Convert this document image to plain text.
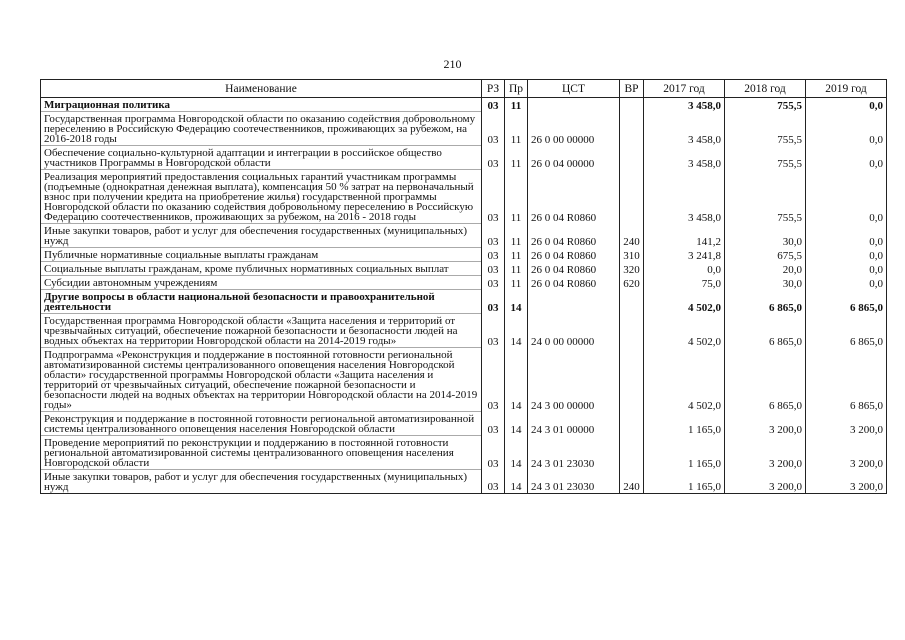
210
Наименование	РЗ	Пр	ЦСТ	ВР	2017 год	2018 год	2019 год
Миграционная политика	03	11			3 458,0	755,5	0,0
Государственная программа Новгородской области по оказанию содействия добровольному переселению в Российскую Федерацию соотечественников, проживающих за рубежом, на 2016-2018 годы	03	11	26 0 00 00000		3 458,0	755,5	0,0
Обеспечение социально-культурной адаптации и интеграции в российское общество участников Программы в Новгородской области	03	11	26 0 04 00000		3 458,0	755,5	0,0
Реализация мероприятий предоставления социальных гарантий участникам программы (подъемные (однократная денежная выплата), компенсация 50 % затрат на первоначальный взнос при получении кредита на приобретение жилья) государственной программы Новгородской области по оказанию содействия добровольному переселению в Российскую Федерацию соотечественников, проживающих за рубежом, на 2016 - 2018 годы	03	11	26 0 04 R0860		3 458,0	755,5	0,0
Иные закупки товаров, работ и услуг для обеспечения государственных (муниципальных) нужд	03	11	26 0 04 R0860	240	141,2	30,0	0,0
Публичные нормативные социальные выплаты гражданам	03	11	26 0 04 R0860	310	3 241,8	675,5	0,0
Социальные выплаты гражданам, кроме публичных нормативных социальных выплат	03	11	26 0 04 R0860	320	0,0	20,0	0,0
Субсидии автономным учреждениям	03	11	26 0 04 R0860	620	75,0	30,0	0,0
Другие вопросы в области национальной безопасности и правоохранительной деятельности	03	14			4 502,0	6 865,0	6 865,0
Государственная программа Новгородской области «Защита населения и территорий от чрезвычайных ситуаций, обеспечение пожарной безопасности и безопасности людей на водных объектах на территории Новгородской области на 2014-2019 годы»	03	14	24 0 00 00000		4 502,0	6 865,0	6 865,0
Подпрограмма «Реконструкция и поддержание в постоянной готовности региональной автоматизированной системы централизованного оповещения населения Новгородской области» государственной программы Новгородской области «Защита населения и территорий от чрезвычайных ситуаций, обеспечение пожарной безопасности и безопасности людей на водных объектах на территории Новгородской области на 2014-2019 годы»	03	14	24 3 00 00000		4 502,0	6 865,0	6 865,0
Реконструкция и поддержание в постоянной готовности региональной автоматизированной системы централизованного оповещения населения Новгородской области	03	14	24 3 01 00000		1 165,0	3 200,0	3 200,0
Проведение мероприятий по реконструкции и поддержанию в постоянной готовности региональной автоматизированной системы централизованного оповещения населения Новгородской области	03	14	24 3 01 23030		1 165,0	3 200,0	3 200,0
Иные закупки товаров, работ и услуг для обеспечения государственных (муниципальных) нужд	03	14	24 3 01 23030	240	1 165,0	3 200,0	3 200,0
